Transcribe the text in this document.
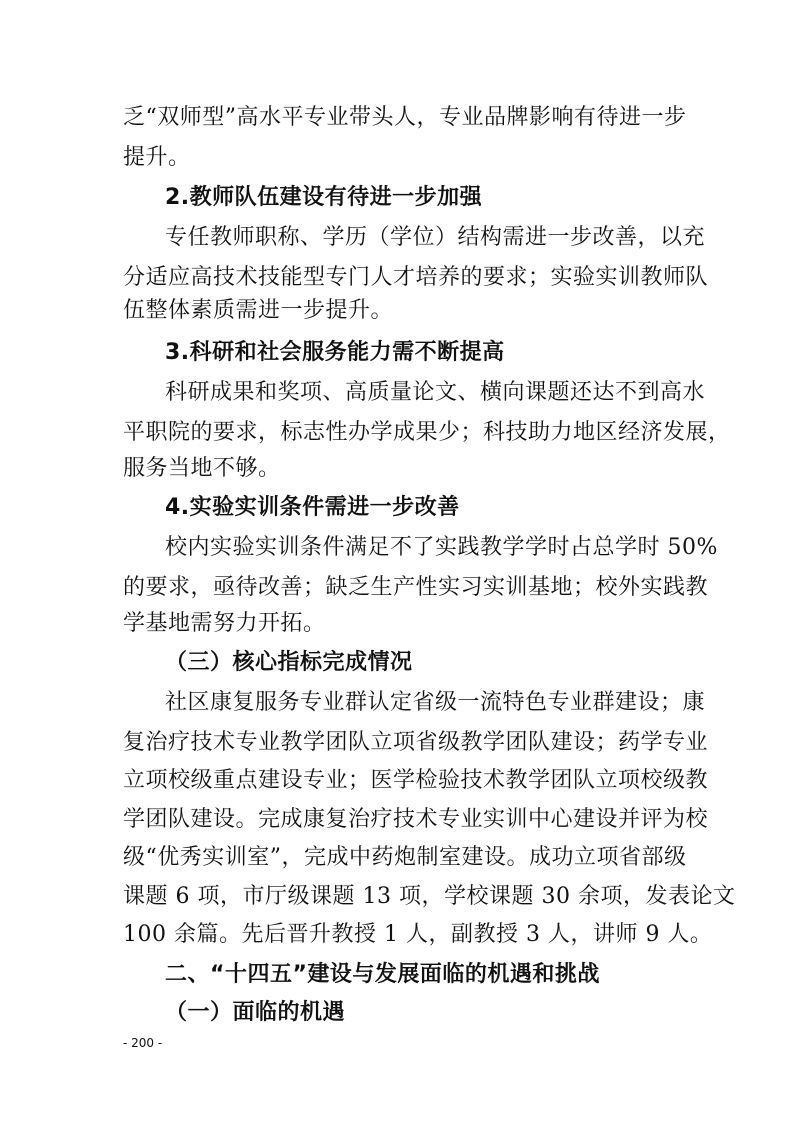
乏“双师型”高水平专业带头人，专业品牌影响有待进一步
提升。
2.教师队伍建设有待进一步加强
专任教师职称、学历（学位）结构需进一步改善，以充
分适应高技术技能型专门人才培养的要求；实验实训教师队
伍整体素质需进一步提升。
3.科研和社会服务能力需不断提高
科研成果和奖项、高质量论文、横向课题还达不到高水
平职院的要求，标志性办学成果少；科技助力地区经济发展，
服务当地不够。
4.实验实训条件需进一步改善
校内实验实训条件满足不了实践教学学时占总学时 50%
的要求，亟待改善；缺乏生产性实习实训基地；校外实践教
学基地需努力开拓。
（三）核心指标完成情况
社区康复服务专业群认定省级一流特色专业群建设；康
复治疗技术专业教学团队立项省级教学团队建设；药学专业
立项校级重点建设专业；医学检验技术教学团队立项校级教
学团队建设。完成康复治疗技术专业实训中心建设并评为校
级“优秀实训室”，完成中药炮制室建设。成功立项省部级
课题 6 项，市厅级课题 13 项，学校课题 30 余项，发表论文
100 余篇。先后晋升教授 1 人，副教授 3 人，讲师 9 人。
二、“十四五”建设与发展面临的机遇和挑战
（一）面临的机遇
- 200 -
